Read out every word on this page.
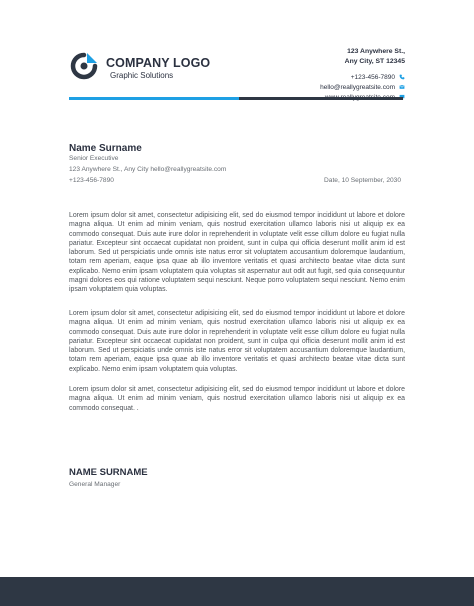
COMPANY LOGO
Graphic Solutions
123 Anywhere St.,
Any City, ST 12345
+123-456-7890
hello@reallygreatsite.com
Name Surname
Senior Executive
123 Anywhere St., Any City hello@reallygreatsite.com
+123-456-7890	Date, 10 September, 2030

Lorem ipsum dolor sit amet, consectetur adipisicing elit, sed do eiusmod tempor incididunt ut labore et dolore magna aliqua. Ut enim ad minim veniam, quis nostrud exercitation ullamco laboris nisi ut aliquip ex ea commodo consequat. Duis aute irure dolor in reprehenderit in voluptate velit esse cillum dolore eu fugiat nulla pariatur. Excepteur sint occaecat cupidatat non proident, sunt in culpa qui officia deserunt mollit anim id est laborum. Sed ut perspiciatis unde omnis iste natus error sit voluptatem accusantium doloremque laudantium, totam rem aperiam, eaque ipsa quae ab illo inventore veritatis et quasi architecto beatae vitae dicta sunt explicabo. Nemo enim ipsam voluptatem quia voluptas sit aspernatur aut odit aut fugit, sed quia consequuntur magni dolores eos qui ratione voluptatem sequi nesciunt. Neque porro voluptatem sequi nesciunt. Nemo enim ipsam voluptatem quia voluptas.

Lorem ipsum dolor sit amet, consectetur adipisicing elit, sed do eiusmod tempor incididunt ut labore et dolore magna aliqua. Ut enim ad minim veniam, quis nostrud exercitation ullamco laboris nisi ut aliquip ex ea commodo consequat. Duis aute irure dolor in reprehenderit in voluptate velit esse cillum dolore eu fugiat nulla pariatur. Excepteur sint occaecat cupidatat non proident, sunt in culpa qui officia deserunt mollit anim id est laborum. Sed ut perspiciatis unde omnis iste natus error sit voluptatem accusantium doloremque laudantium, totam rem aperiam, eaque ipsa quae ab illo inventore veritatis et quasi architecto beatae vitae dicta sunt explicabo. Nemo enim ipsam voluptatem quia voluptas.

Lorem ipsum dolor sit amet, consectetur adipisicing elit, sed do eiusmod tempor incididunt ut labore et dolore magna aliqua. Ut enim ad minim veniam, quis nostrud exercitation ullamco laboris nisi ut aliquip ex ea commodo consequat. .

NAME SURNAME
General Manager
